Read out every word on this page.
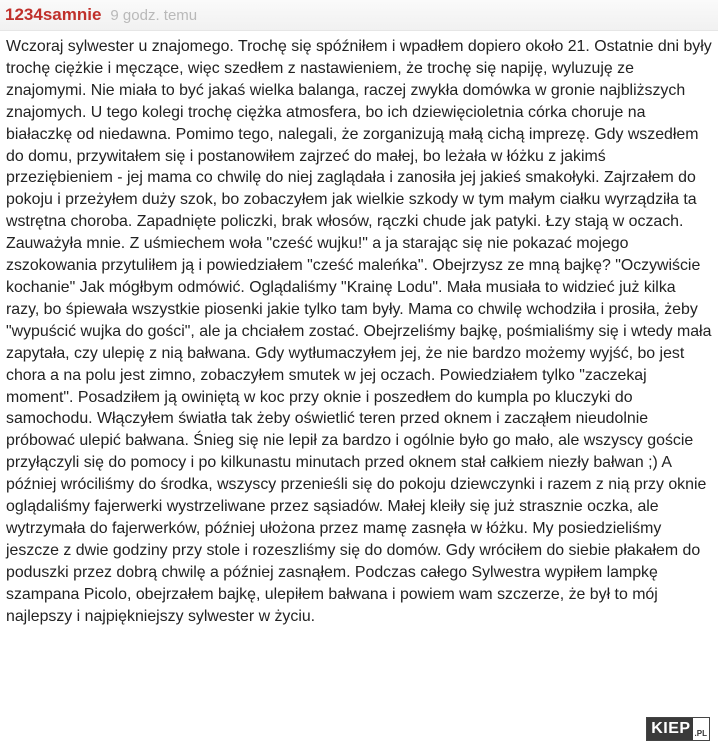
1234samnie 9 godz. temu
Wczoraj sylwester u znajomego. Trochę się spóźniłem i wpadłem dopiero około 21. Ostatnie dni były trochę ciężkie i męczące, więc szedłem z nastawieniem, że trochę się napiję, wyluzuję ze znajomymi. Nie miała to być jakaś wielka balanga, raczej zwykła domówka w gronie najbliższych znajomych. U tego kolegi trochę ciężka atmosfera, bo ich dziewięcioletnia córka choruje na białaczkę od niedawna. Pomimo tego, nalegali, że zorganizują małą cichą imprezę. Gdy wszedłem do domu, przywitałem się i postanowiłem zajrzeć do małej, bo leżała w łóżku z jakimś przeziębieniem - jej mama co chwilę do niej zaglądała i zanosiła jej jakieś smakołyki. Zajrzałem do pokoju i przeżyłem duży szok, bo zobaczyłem jak wielkie szkody w tym małym ciałku wyrządziła ta wstrętna choroba. Zapadnięte policzki, brak włosów, rączki chude jak patyki. Łzy stają w oczach. Zauważyła mnie. Z uśmiechem woła "cześć wujku!" a ja starając się nie pokazać mojego zszokowania przytuliłem ją i powiedziałem "cześć maleńka". Obejrzysz ze mną bajkę? "Oczywiście kochanie" Jak mógłbym odmówić. Oglądaliśmy "Krainę Lodu". Mała musiała to widzieć już kilka razy, bo śpiewała wszystkie piosenki jakie tylko tam były. Mama co chwilę wchodziła i prosiła, żeby "wypuścić wujka do gości", ale ja chciałem zostać. Obejrzeliśmy bajkę, pośmialiśmy się i wtedy mała zapytała, czy ulepię z nią bałwana. Gdy wytłumaczyłem jej, że nie bardzo możemy wyjść, bo jest chora a na polu jest zimno, zobaczyłem smutek w jej oczach. Powiedziałem tylko "zaczekaj moment". Posadziłem ją owiniętą w koc przy oknie i poszedłem do kumpla po kluczyki do samochodu. Włączyłem światła tak żeby oświetlić teren przed oknem i zacząłem nieudolnie próbować ulepić bałwana. Śnieg się nie lepił za bardzo i ogólnie było go mało, ale wszyscy goście przyłączyli się do pomocy i po kilkunastu minutach przed oknem stał całkiem niezły bałwan ;) A później wróciliśmy do środka, wszyscy przenieśli się do pokoju dziewczynki i razem z nią przy oknie oglądaliśmy fajerwerki wystrzeliwane przez sąsiadów. Małej kleiły się już strasznie oczka, ale wytrzymała do fajerwerków, później ułożona przez mamę zasnęła w łóżku. My posiedzieliśmy jeszcze z dwie godziny przy stole i rozeszliśmy się do domów. Gdy wróciłem do siebie płakałem do poduszki przez dobrą chwilę a później zasnąłem. Podczas całego Sylwestra wypiłem lampkę szampana Picolo, obejrzałem bajkę, ulepiłem bałwana i powiem wam szczerze, że był to mój najlepszy i najpiękniejszy sylwester w życiu.
KIEP .PL
